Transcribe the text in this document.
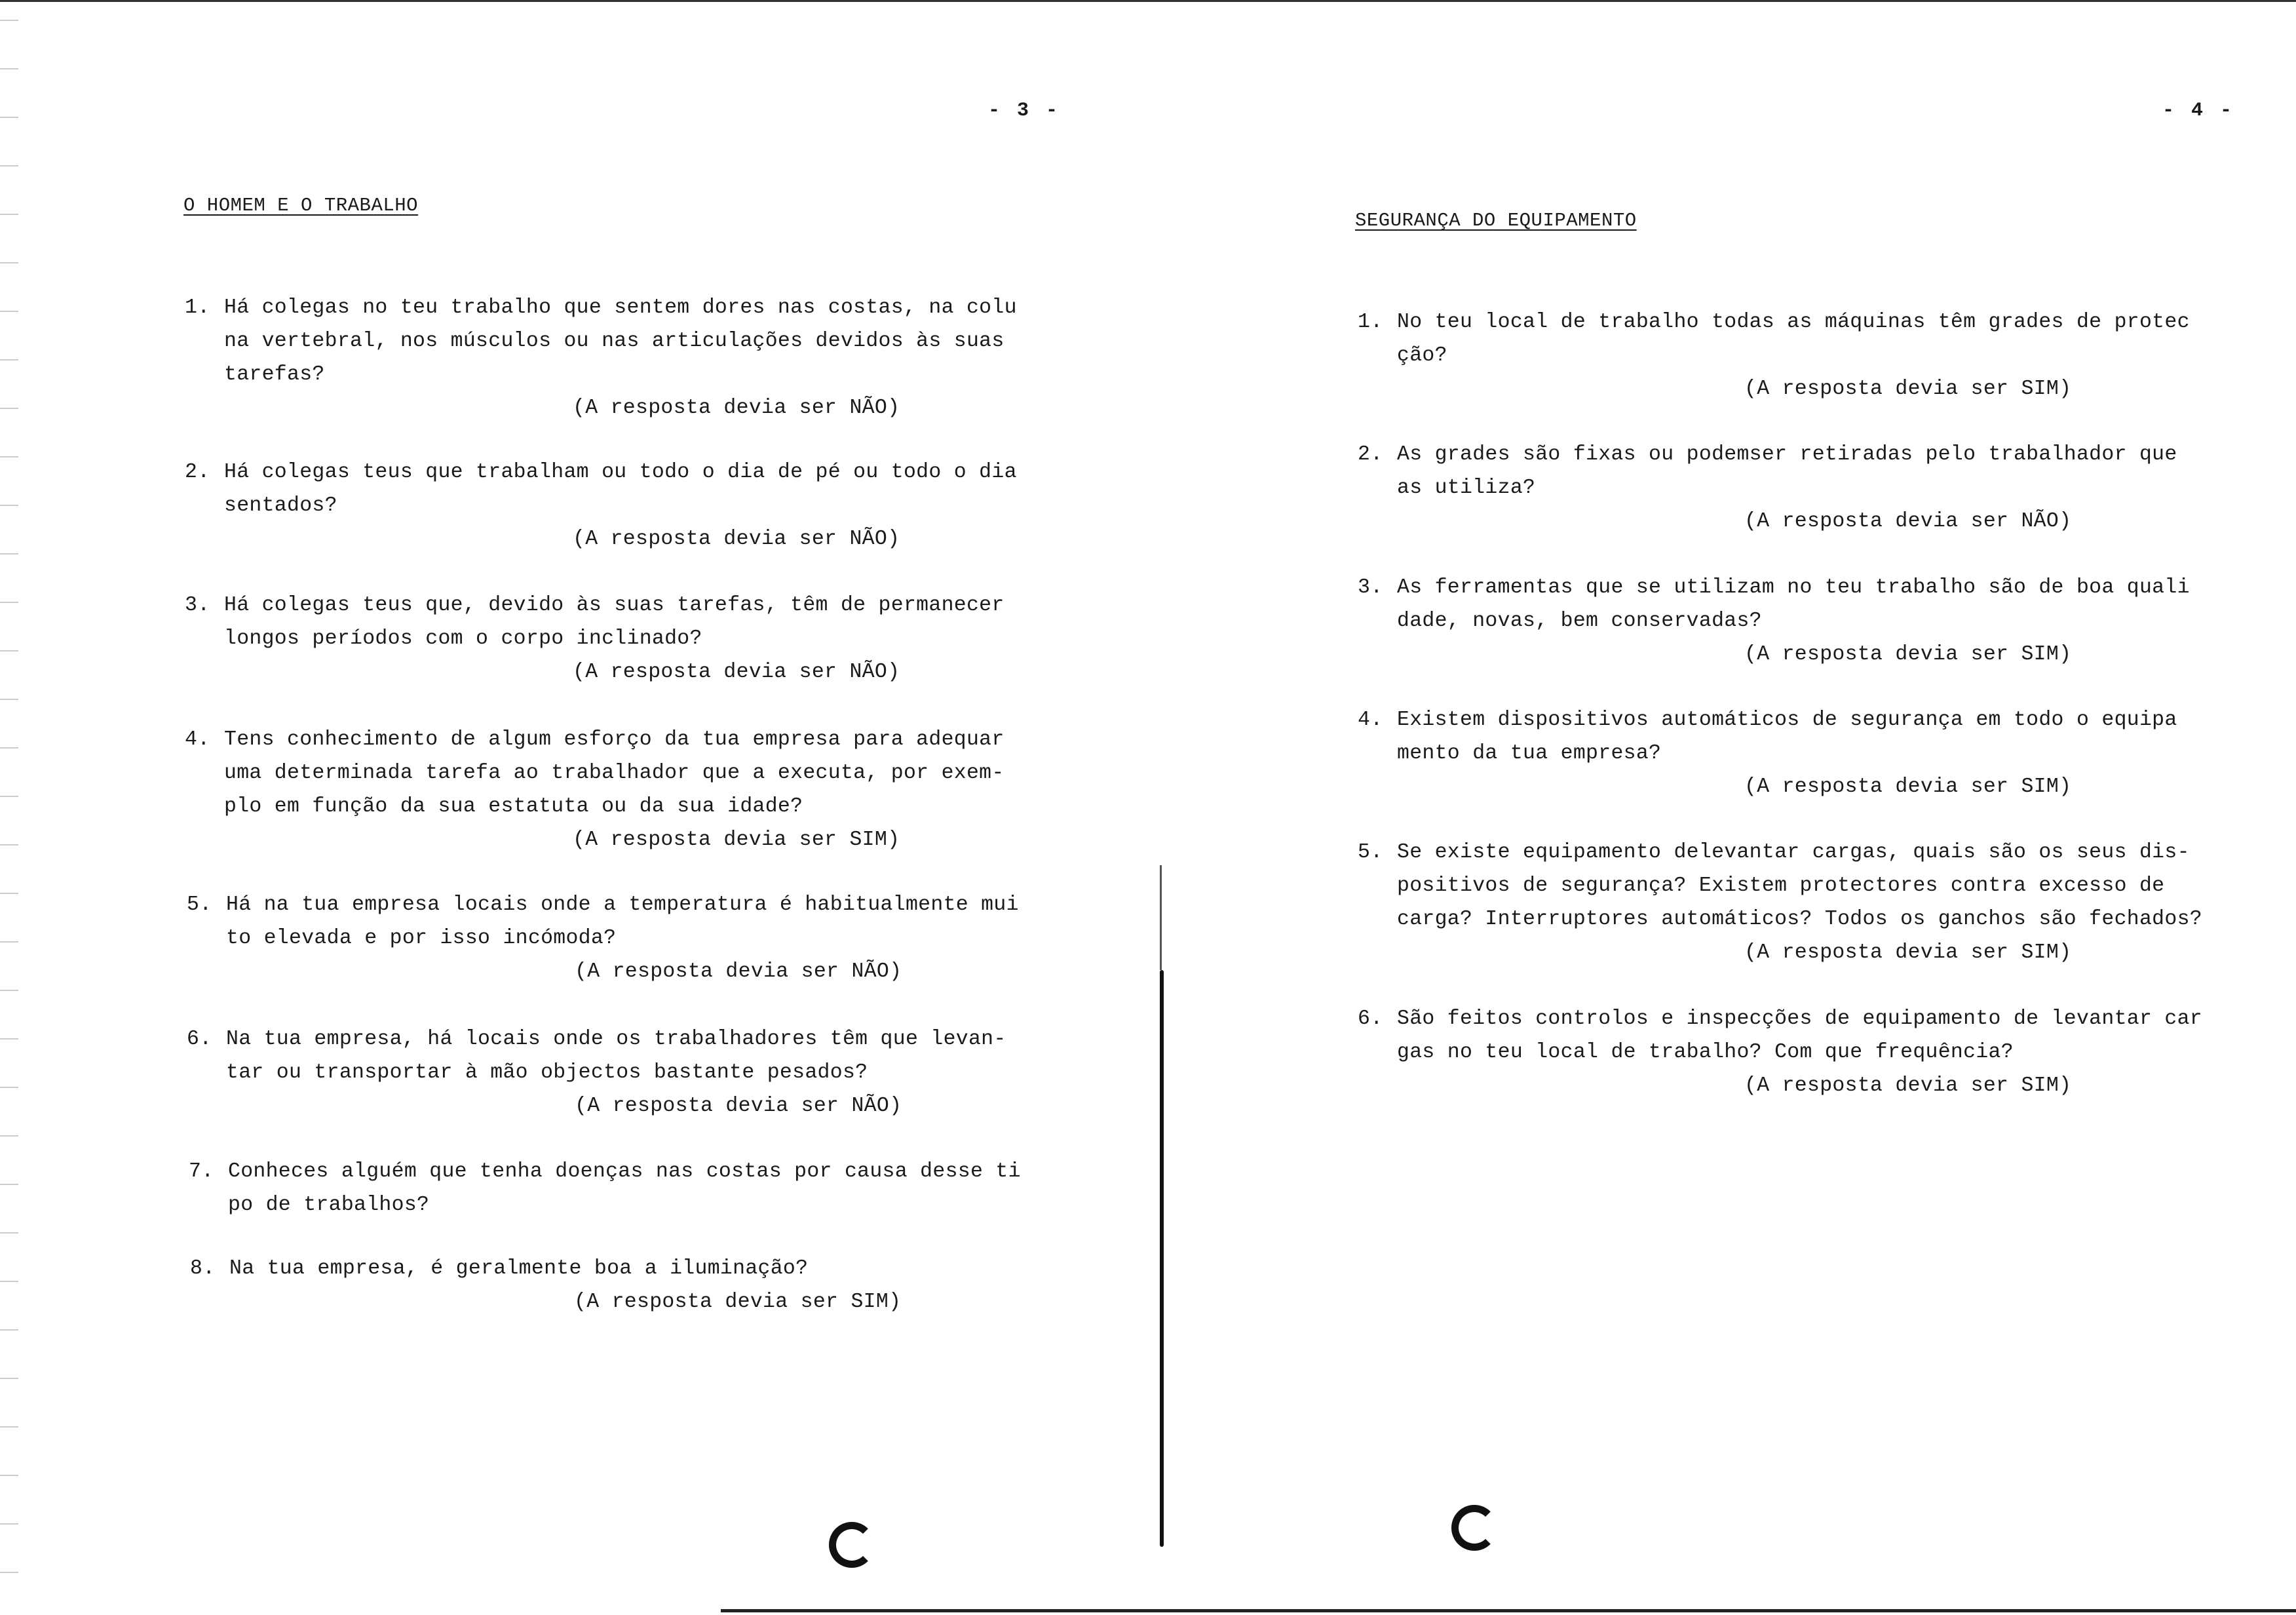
- 3 -
O HOMEM E O TRABALHO
1. Há colegas no teu trabalho que sentem dores nas costas, na colu
na vertebral, nos músculos ou nas articulações devidos às suas
tarefas?
(A resposta devia ser NÃO)
2. Há colegas teus que trabalham ou todo o dia de pé ou todo o dia
sentados?
(A resposta devia ser NÃO)
3. Há colegas teus que, devido às suas tarefas, têm de permanecer
longos períodos com o corpo inclinado?
(A resposta devia ser NÃO)
4. Tens conhecimento de algum esforço da tua empresa para adequar
uma determinada tarefa ao trabalhador que a executa, por exem-
plo em função da sua estatuta ou da sua idade?
(A resposta devia ser SIM)
5. Há na tua empresa locais onde a temperatura é habitualmente mui
to elevada e por isso incómoda?
(A resposta devia ser NÃO)
6. Na tua empresa, há locais onde os trabalhadores têm que levan-
tar ou transportar à mão objectos bastante pesados?
(A resposta devia ser NÃO)
7. Conheces alguém que tenha doenças nas costas por causa desse ti
po de trabalhos?
8. Na tua empresa, é geralmente boa a iluminação?
(A resposta devia ser SIM)
- 4 -
SEGURANÇA DO EQUIPAMENTO
1. No teu local de trabalho todas as máquinas têm grades de protec
ção?
(A resposta devia ser SIM)
2. As grades são fixas ou podemser retiradas pelo trabalhador que
as utiliza?
(A resposta devia ser NÃO)
3. As ferramentas que se utilizam no teu trabalho são de boa quali
dade, novas, bem conservadas?
(A resposta devia ser SIM)
4. Existem dispositivos automáticos de segurança em todo o equipa
mento da tua empresa?
(A resposta devia ser SIM)
5. Se existe equipamento delevantar cargas, quais são os seus dis-
positivos de segurança? Existem protectores contra excesso de
carga? Interruptores automáticos? Todos os ganchos são fechados?
(A resposta devia ser SIM)
6. São feitos controlos e inspecções de equipamento de levantar car
gas no teu local de trabalho? Com que frequência?
(A resposta devia ser SIM)
